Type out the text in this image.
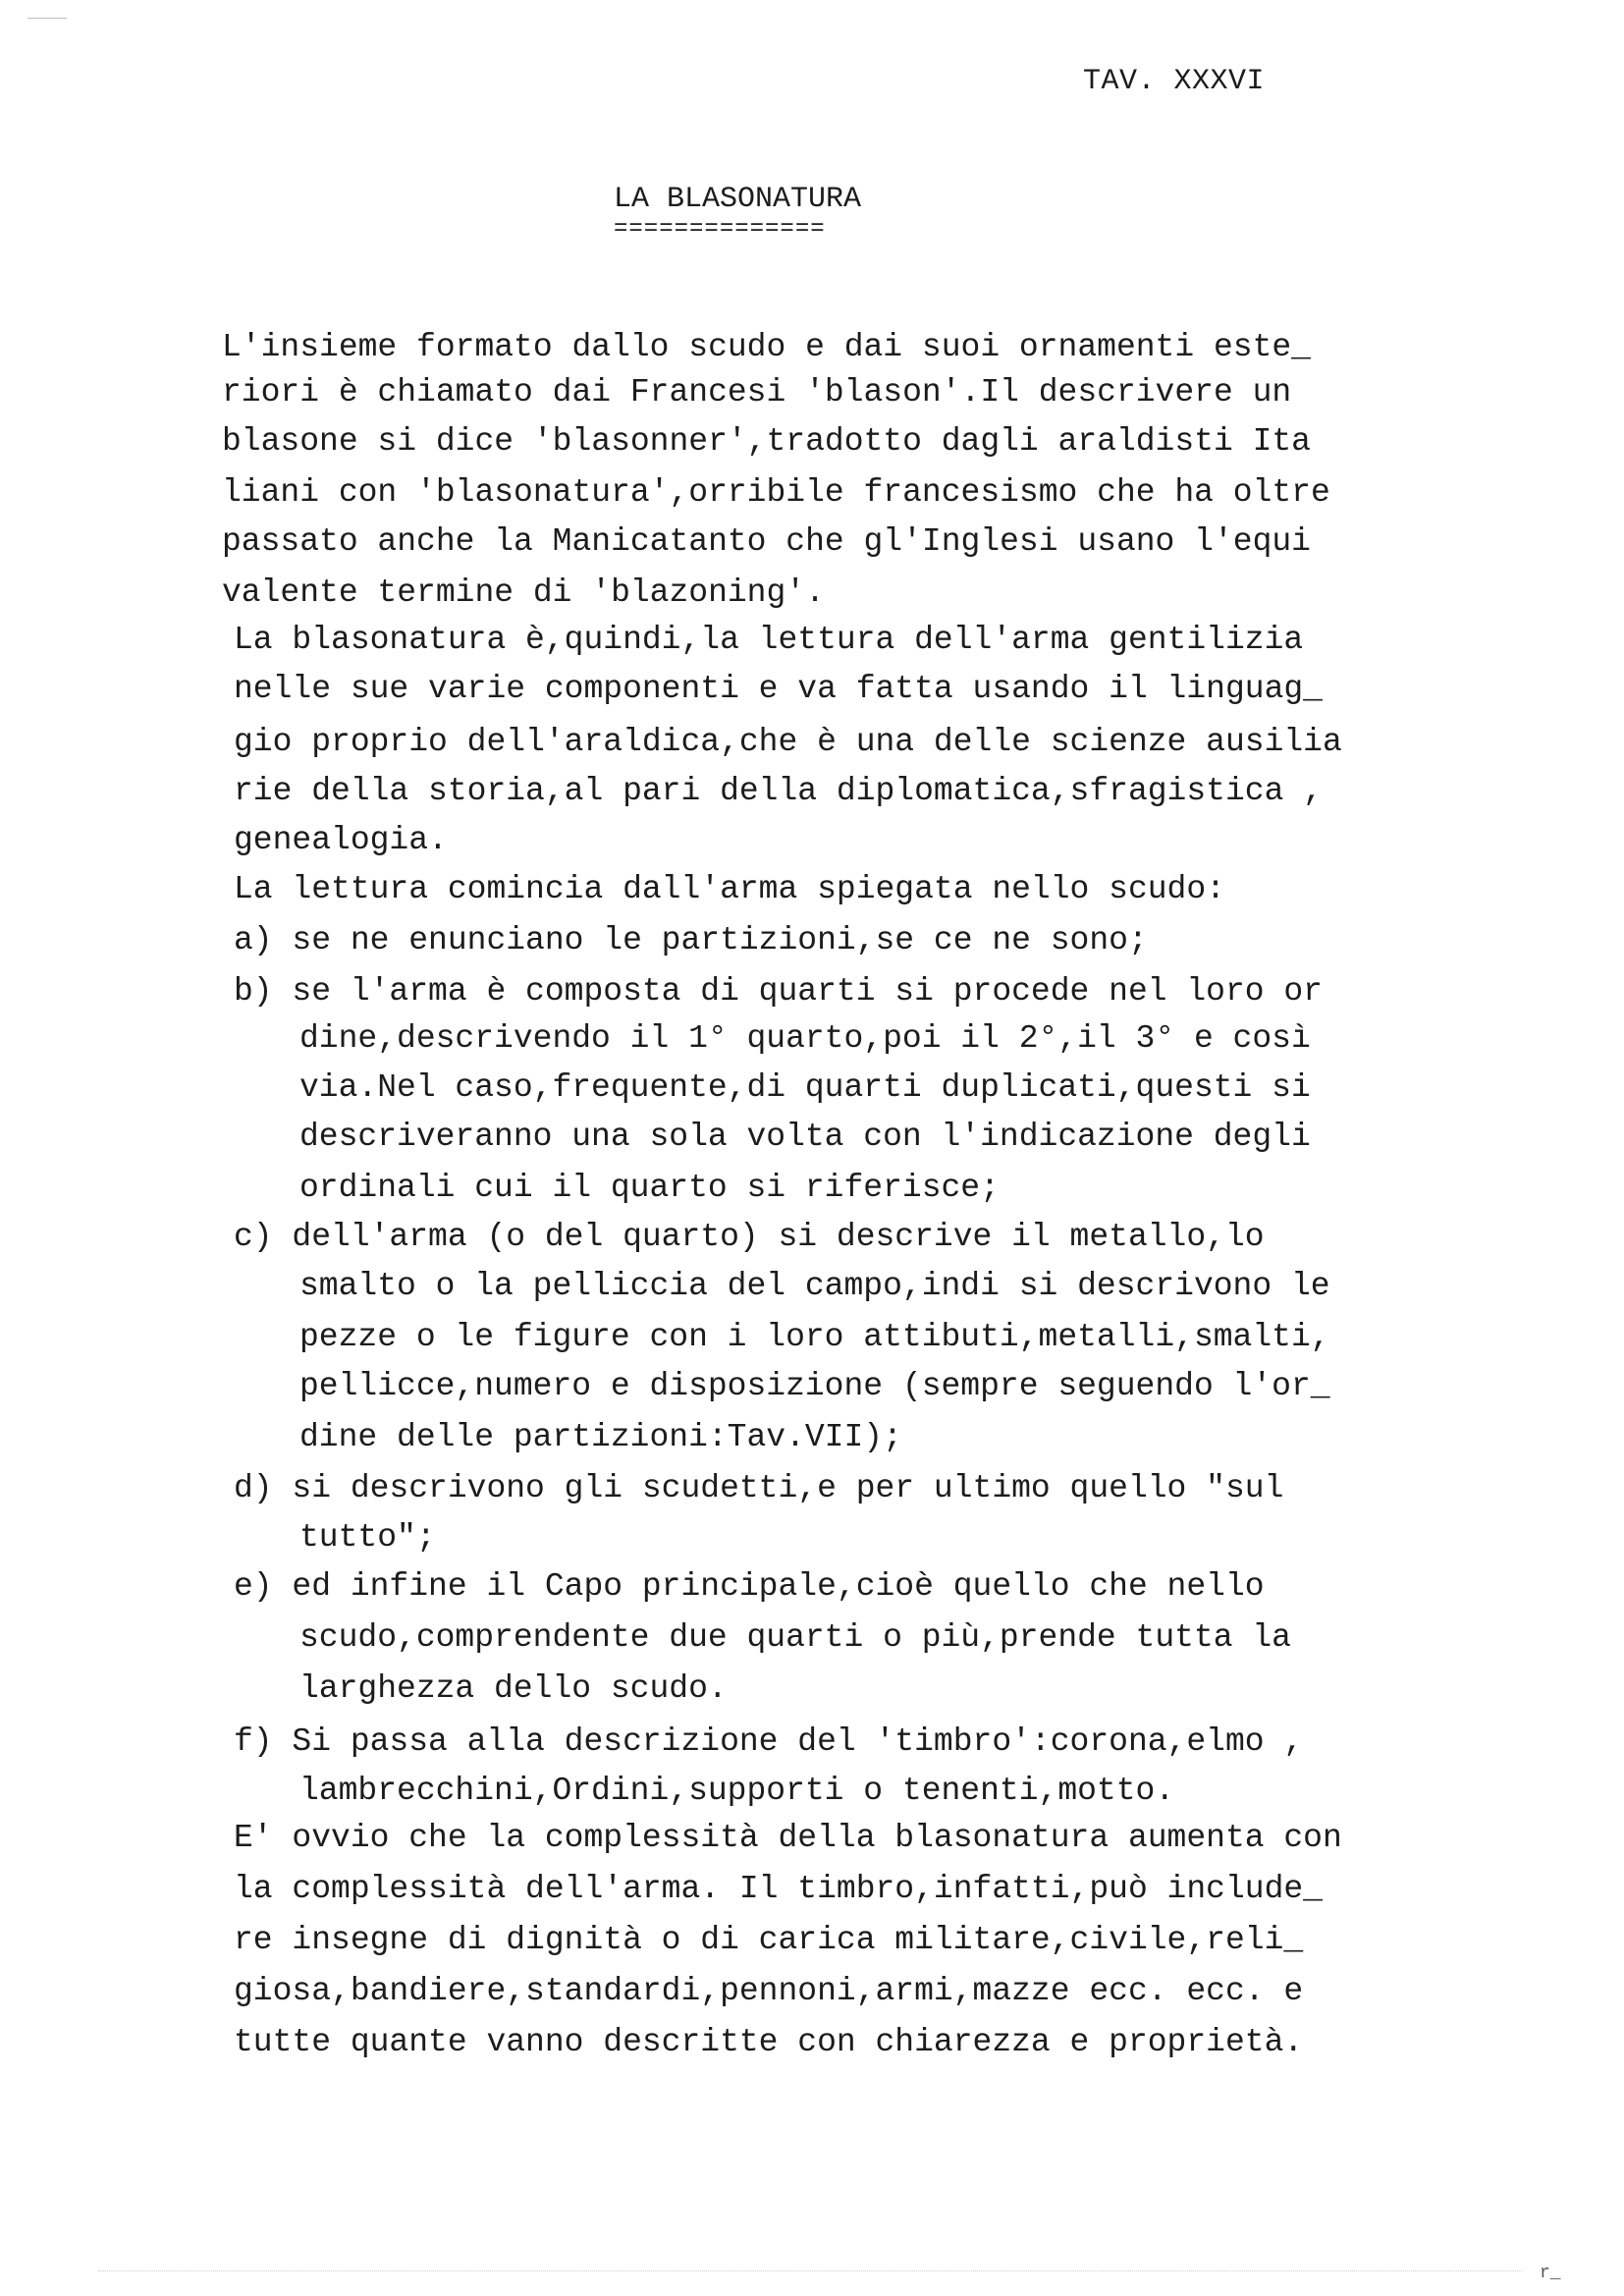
TAV. XXXVI
LA BLASONATURA
==============
L'insieme formato dallo scudo e dai suoi ornamenti este_
riori è chiamato dai Francesi 'blason'.Il descrivere un
blasone si dice 'blasonner',tradotto dagli araldisti Ita
liani con 'blasonatura',orribile francesismo che ha oltre
passato anche la Manicatanto che gl'Inglesi usano l'equi
valente termine di 'blazoning'.
La blasonatura è,quindi,la lettura dell'arma gentilizia
nelle sue varie componenti e va fatta usando il linguag_
gio proprio dell'araldica,che è una delle scienze ausilia
rie della storia,al pari della diplomatica,sfragistica ,
genealogia.
La lettura comincia dall'arma spiegata nello scudo:
a) se ne enunciano le partizioni,se ce ne sono;
b) se l'arma è composta di quarti si procede nel loro or
dine,descrivendo il 1° quarto,poi il 2°,il 3° e così
via.Nel caso,frequente,di quarti duplicati,questi si
descriveranno una sola volta con l'indicazione degli
ordinali cui il quarto si riferisce;
c) dell'arma (o del quarto) si descrive il metallo,lo
smalto o la pelliccia del campo,indi si descrivono le
pezze o le figure con i loro attibuti,metalli,smalti,
pellicce,numero e disposizione (sempre seguendo l'or_
dine delle partizioni:Tav.VII);
d) si descrivono gli scudetti,e per ultimo quello "sul
tutto";
e) ed infine il Capo principale,cioè quello che nello
scudo,comprendente due quarti o più,prende tutta la
larghezza dello scudo.
f) Si passa alla descrizione del 'timbro':corona,elmo ,
lambrecchini,Ordini,supporti o tenenti,motto.
E' ovvio che la complessità della blasonatura aumenta con
la complessità dell'arma. Il timbro,infatti,può include_
re insegne di dignità o di carica militare,civile,reli_
giosa,bandiere,standardi,pennoni,armi,mazze ecc. ecc. e
tutte quante vanno descritte con chiarezza e proprietà.
r_
